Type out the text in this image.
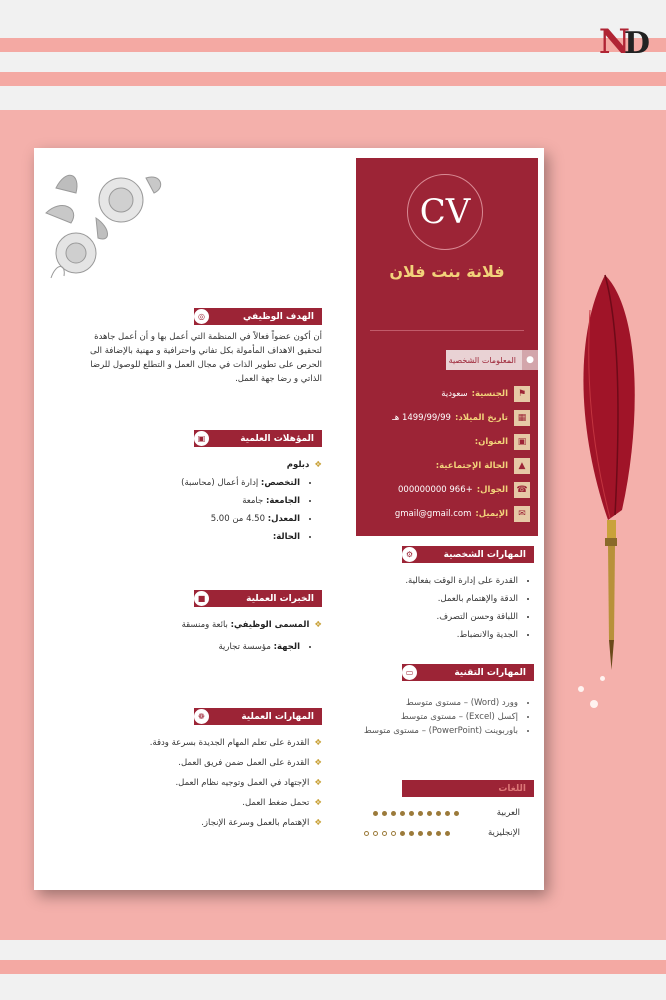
ND
CV
فلانة بنت فلان
●
المعلومات الشخصية
⚑
الجنسية:
سعودية
▦
تاريخ الميلاد:
1499/99/99 هـ
▣
العنوان:
▲
الحالة الإجتماعية:
☎
الجوال:
+966 000000000
✉
الإيميل:
gmail@gmail.com
الهدف الوظيفي
◎
أن أكون عضواً فعالاً في المنظمة التي أعمل بها و أن أعمل جاهدة لتحقيق الاهداف المأمولة بكل تفاني واحترافية و مهنية بالإضافة الى الحرص على تطوير الذات في مجال العمل و التطلع للوصول للرضا الذاتي و رضا جهة العمل.
المؤهلات العلمية
▣
❖دبلوم
• التخصص: إدارة أعمال (محاسبة)
• الجامعة: جامعة
• المعدل: 4.50 من 5.00
• الحالة:
الخبرات العملية
■
❖المسمى الوظيفي: بائعة ومنسقة
• الجهة: مؤسسة تجارية
المهارات العملية
❁
❖القدرة على تعلم المهام الجديدة بسرعة ودقة.
❖القدرة على العمل ضمن فريق العمل.
❖الإجتهاد في العمل وتوجيه نظام العمل.
❖تحمل ضغط العمل.
❖الإهتمام بالعمل وسرعة الإنجاز.
المهارات الشخصية
⚙
• القدرة على إدارة الوقت بفعالية.
• الدقة والإهتمام بالعمل.
• اللباقة وحسن التصرف.
• الجدية والانضباط.
المهارات التقنية
▭
• وورد (Word) – مستوى متوسط
• إكسل (Excel) – مستوى متوسط
• باوربوينت (PowerPoint) – مستوى متوسط
اللغات
العربية
الإنجليزية
